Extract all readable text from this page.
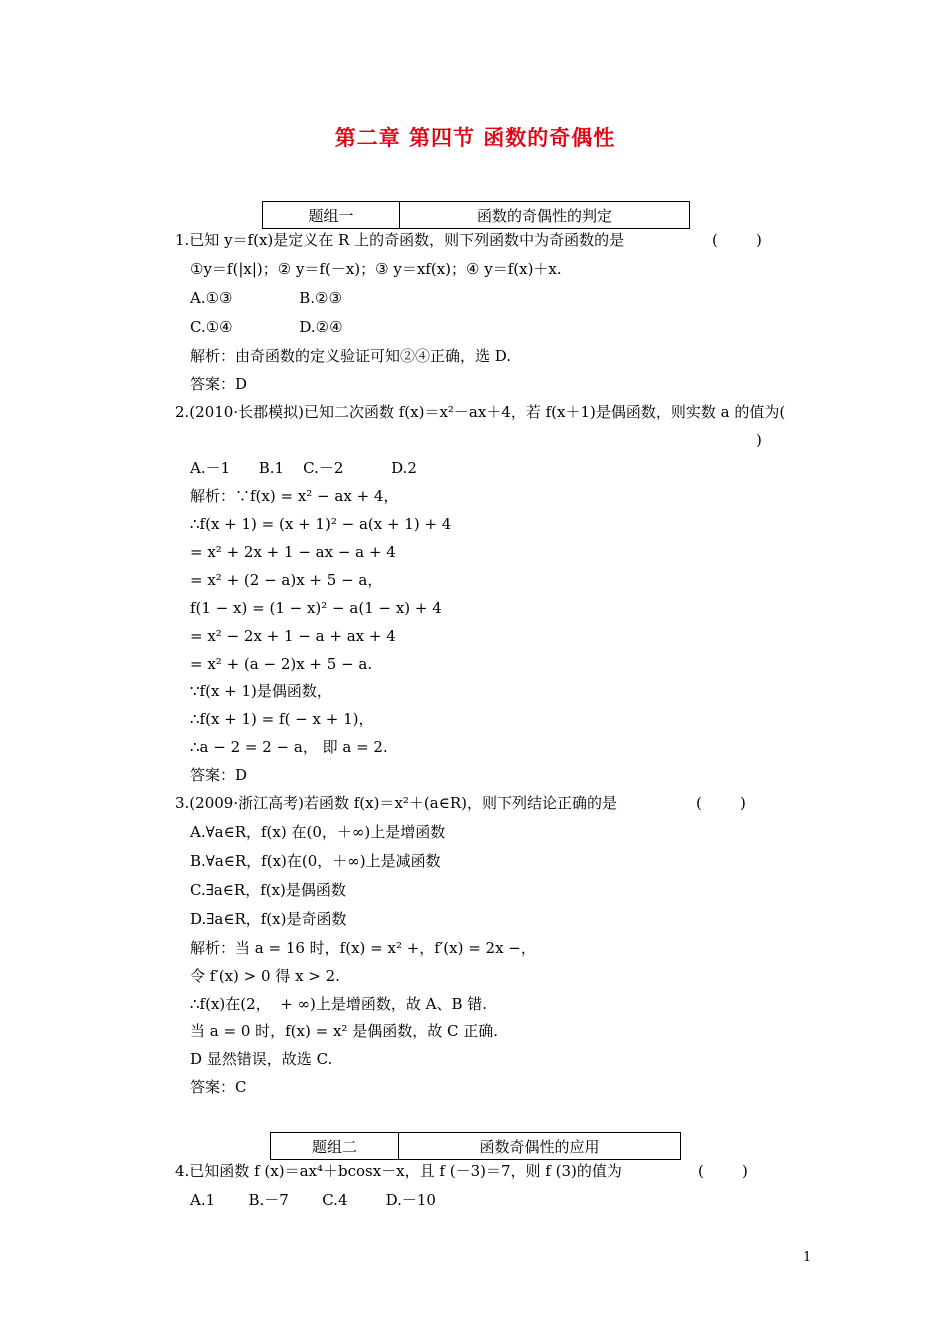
第二章 第四节 函数的奇偶性
题组一	函数的奇偶性的判定
1.已知 y＝f(x)是定义在 R 上的奇函数，则下列函数中为奇函数的是	(        )
①y＝f(|x|)；② y＝f(－x)；③ y＝xf(x)；④ y＝f(x)＋x.
A.①③              B.②③
C.①④              D.②④
解析：由奇函数的定义验证可知②④正确，选 D.
答案：D
2.(2010·长郡模拟)已知二次函数 f(x)＝x²－ax＋4，若 f(x＋1)是偶函数，则实数 a 的值为(
)
A.－1      B.1    C.－2          D.2
解析：∵f(x) = x² − ax + 4，
∴f(x + 1) = (x + 1)² − a(x + 1) + 4
= x² + 2x + 1 − ax − a + 4
= x² + (2 − a)x + 5 − a，
f(1 − x) = (1 − x)² − a(1 − x) + 4
= x² − 2x + 1 − a + ax + 4
= x² + (a − 2)x + 5 − a.
∵f(x + 1)是偶函数，
∴f(x + 1) = f( − x + 1)，
∴a − 2 = 2 − a， 即 a = 2.
答案：D
3.(2009·浙江高考)若函数 f(x)＝x²＋(a∈R)，则下列结论正确的是	(        )
A.∀a∈R，f(x) 在(0，＋∞)上是增函数
B.∀a∈R，f(x)在(0，＋∞)上是减函数
C.∃a∈R，f(x)是偶函数
D.∃a∈R，f(x)是奇函数
解析：当 a = 16 时，f(x) = x² +，f′(x) = 2x −，
令 f′(x) > 0 得 x > 2.
∴f(x)在(2，  + ∞)上是增函数，故 A、B 错.
当 a = 0 时，f(x) = x² 是偶函数，故 C 正确.
D 显然错误，故选 C.
答案：C
题组二	函数奇偶性的应用
4.已知函数 f (x)＝ax⁴＋bcosx－x，且 f (－3)＝7，则 f (3)的值为	(        )
A.1       B.－7       C.4        D.－10
1
